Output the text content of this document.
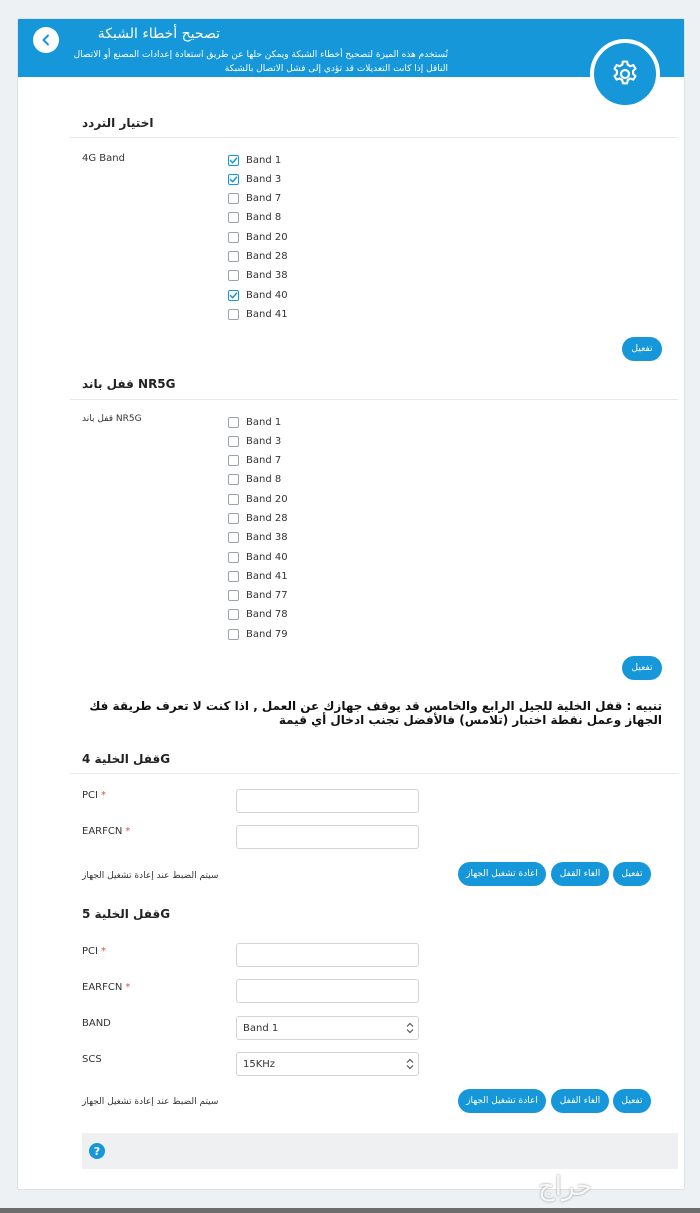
تصحيح أخطاء الشبكة
تُستخدم هذه الميزة لتصحيح أخطاء الشبكة ويمكن حلها عن طريق استعادة إعدادات المصنع أو الاتصال الناقل إذا كانت التعديلات قد تؤدي إلى فشل الاتصال بالشبكة
اختيار التردد
4G Band	Band 1
Band 3
Band 7
Band 8
Band 20
Band 28
Band 38
Band 40
Band 41
تفعيل
قفل باند NR5G
قفل باند NR5G	Band 1
Band 3
Band 7
Band 8
Band 20
Band 28
Band 38
Band 40
Band 41
Band 77
Band 78
Band 79
تفعيل
تنبيه : قفل الخلية للجيل الرابع والخامس قد يوقف جهازك عن العمل , اذا كنت لا تعرف طريقة فك الجهاز وعمل نقطة اختبار (تلامس) فالأفضل تجنب ادخال أي قيمة
قفل الخلية 4G
PCI *
EARFCN *
سيتم الضبط عند إعادة تشغيل الجهاز	اعادة تشغيل الجهاز	الغاء القفل	تفعيل
قفل الخلية 5G
PCI *
EARFCN *
BAND	Band 1
SCS	15KHz
سيتم الضبط عند إعادة تشغيل الجهاز	اعادة تشغيل الجهاز	الغاء القفل	تفعيل
?
حراج
